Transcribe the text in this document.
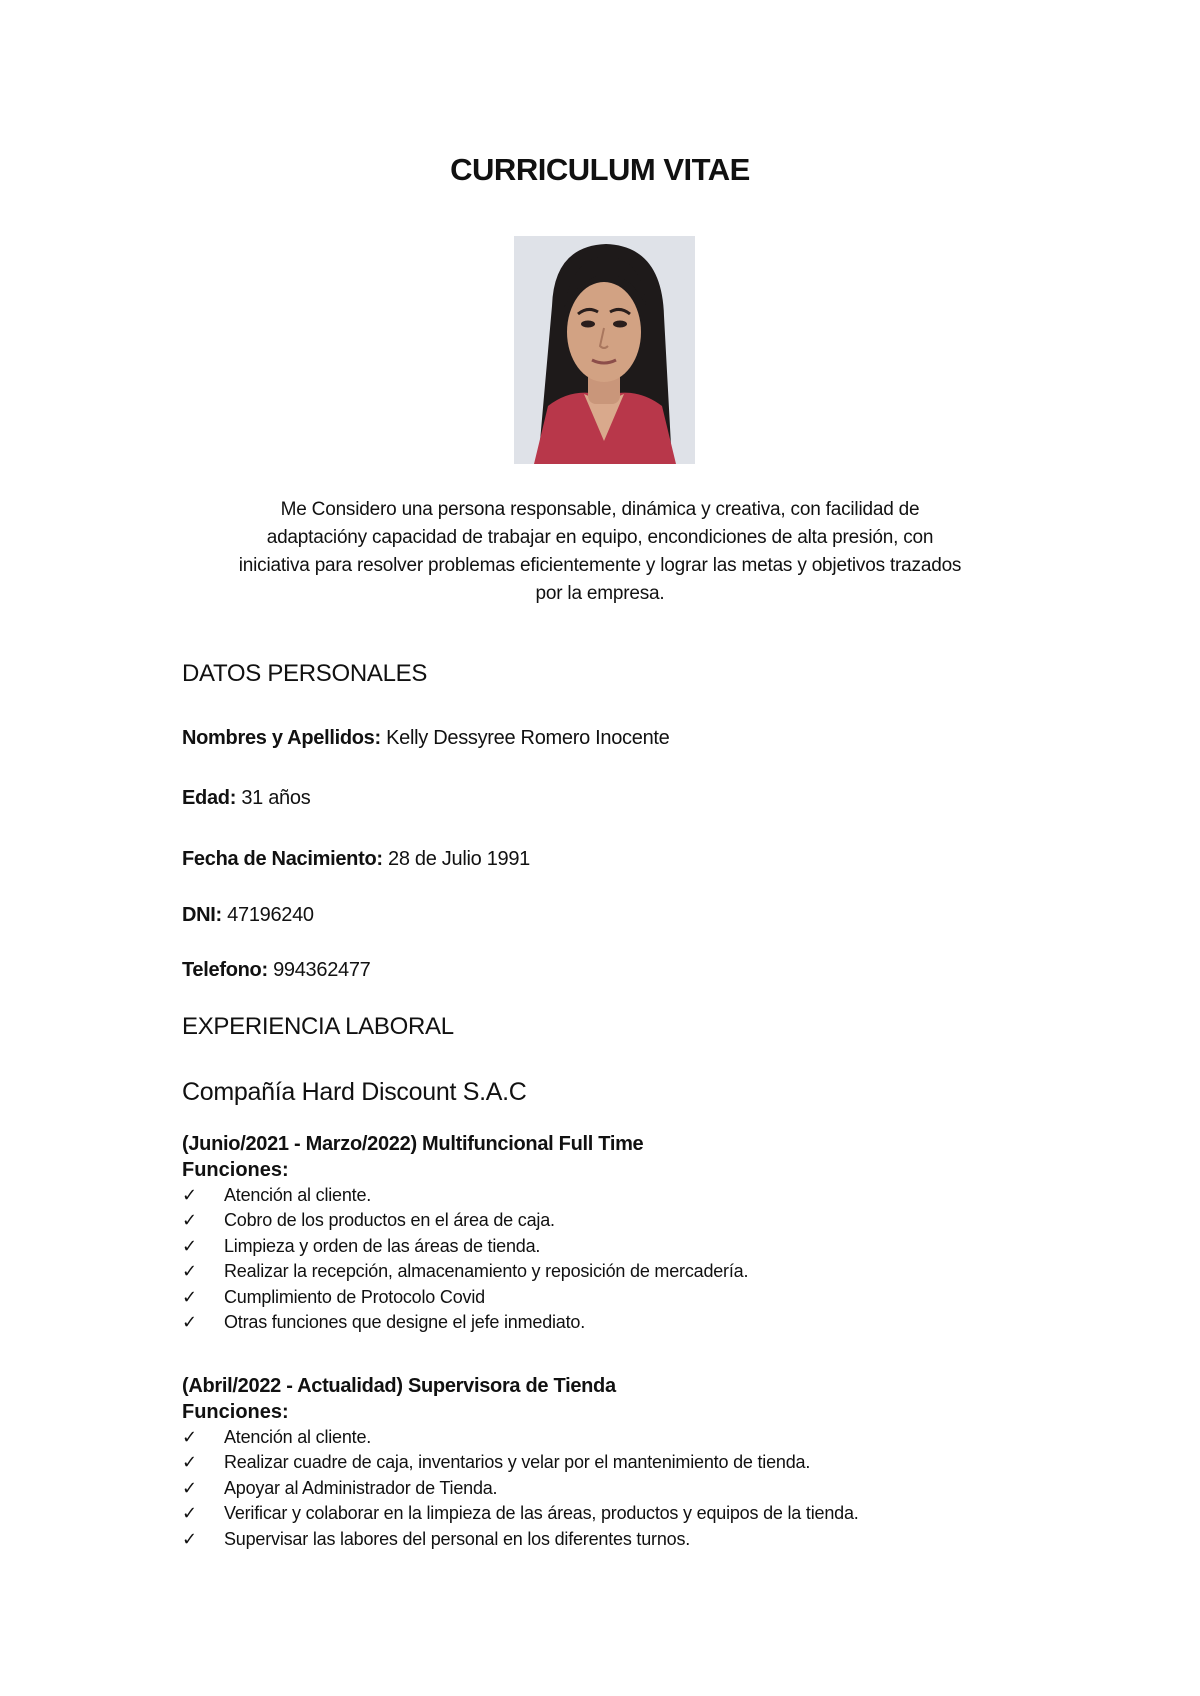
CURRICULUM VITAE

Me Considero una persona responsable, dinámica y creativa, con facilidad de adaptacióny capacidad de trabajar en equipo, encondiciones de alta presión, con iniciativa para resolver problemas eficientemente y lograr las metas y objetivos trazados por la empresa.

DATOS PERSONALES

Nombres y Apellidos: Kelly Dessyree Romero Inocente

Edad: 31 años

Fecha de Nacimiento: 28 de Julio 1991

DNI: 47196240

Telefono: 994362477

EXPERIENCIA LABORAL

Compañía Hard Discount S.A.C

(Junio/2021 - Marzo/2022) Multifuncional Full Time

Funciones:

✓ Atención al cliente.
✓ Cobro de los productos en el área de caja.
✓ Limpieza y orden de las áreas de tienda.
✓ Realizar la recepción, almacenamiento y reposición de mercadería.
✓ Cumplimiento de Protocolo Covid
✓ Otras funciones que designe el jefe inmediato.

(Abril/2022 - Actualidad) Supervisora de Tienda

Funciones:

✓ Atención al cliente.
✓ Realizar cuadre de caja, inventarios y velar por el mantenimiento de tienda.
✓ Apoyar al Administrador de Tienda.
✓ Verificar y colaborar en la limpieza de las áreas, productos y equipos de la tienda.
✓ Supervisar las labores del personal en los diferentes turnos.
